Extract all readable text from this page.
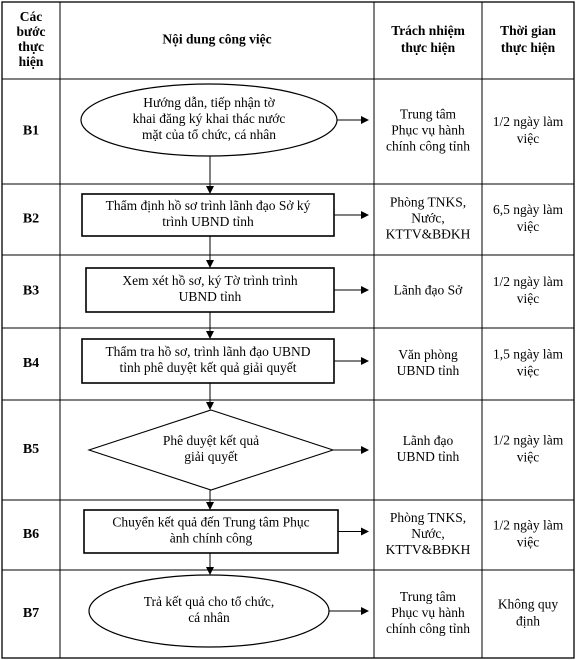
Các
bước
thực
hiện
Nội dung công việc
Trách nhiệm
thực hiện
Thời gian
thực hiện
B1
Hướng dẫn, tiếp nhận tờ
khai đăng ký khai thác nước
mặt của tổ chức, cá nhân
Trung tâm
Phục vụ hành
chính công tỉnh
1/2 ngày làm
việc
B2
Thẩm định hồ sơ trình lãnh đạo Sở ký
trình UBND tỉnh
Phòng TNKS,
Nước,
KTTV&BĐKH
6,5 ngày làm
việc
B3
Xem xét hồ sơ, ký Tờ trình trình
UBND tỉnh	Lãnh đạo Sở
1/2 ngày làm
việc
B4
Thẩm tra hồ sơ, trình lãnh đạo UBND
tỉnh phê duyệt kết quả giải quyết
Văn phòng
UBND tỉnh
1,5 ngày làm
việc
B5
Phê duyệt kết quả
giải quyết
Lãnh đạo
UBND tỉnh
1/2 ngày làm
việc
B6
Chuyển kết quả đến Trung tâm Phục
ành chính công
Phòng TNKS,
Nước,
KTTV&BĐKH
1/2 ngày làm
việc
B7
Trả kết quả cho tổ chức,
cá nhân
Trung tâm
Phục vụ hành
chính công tỉnh
Không quy
định
